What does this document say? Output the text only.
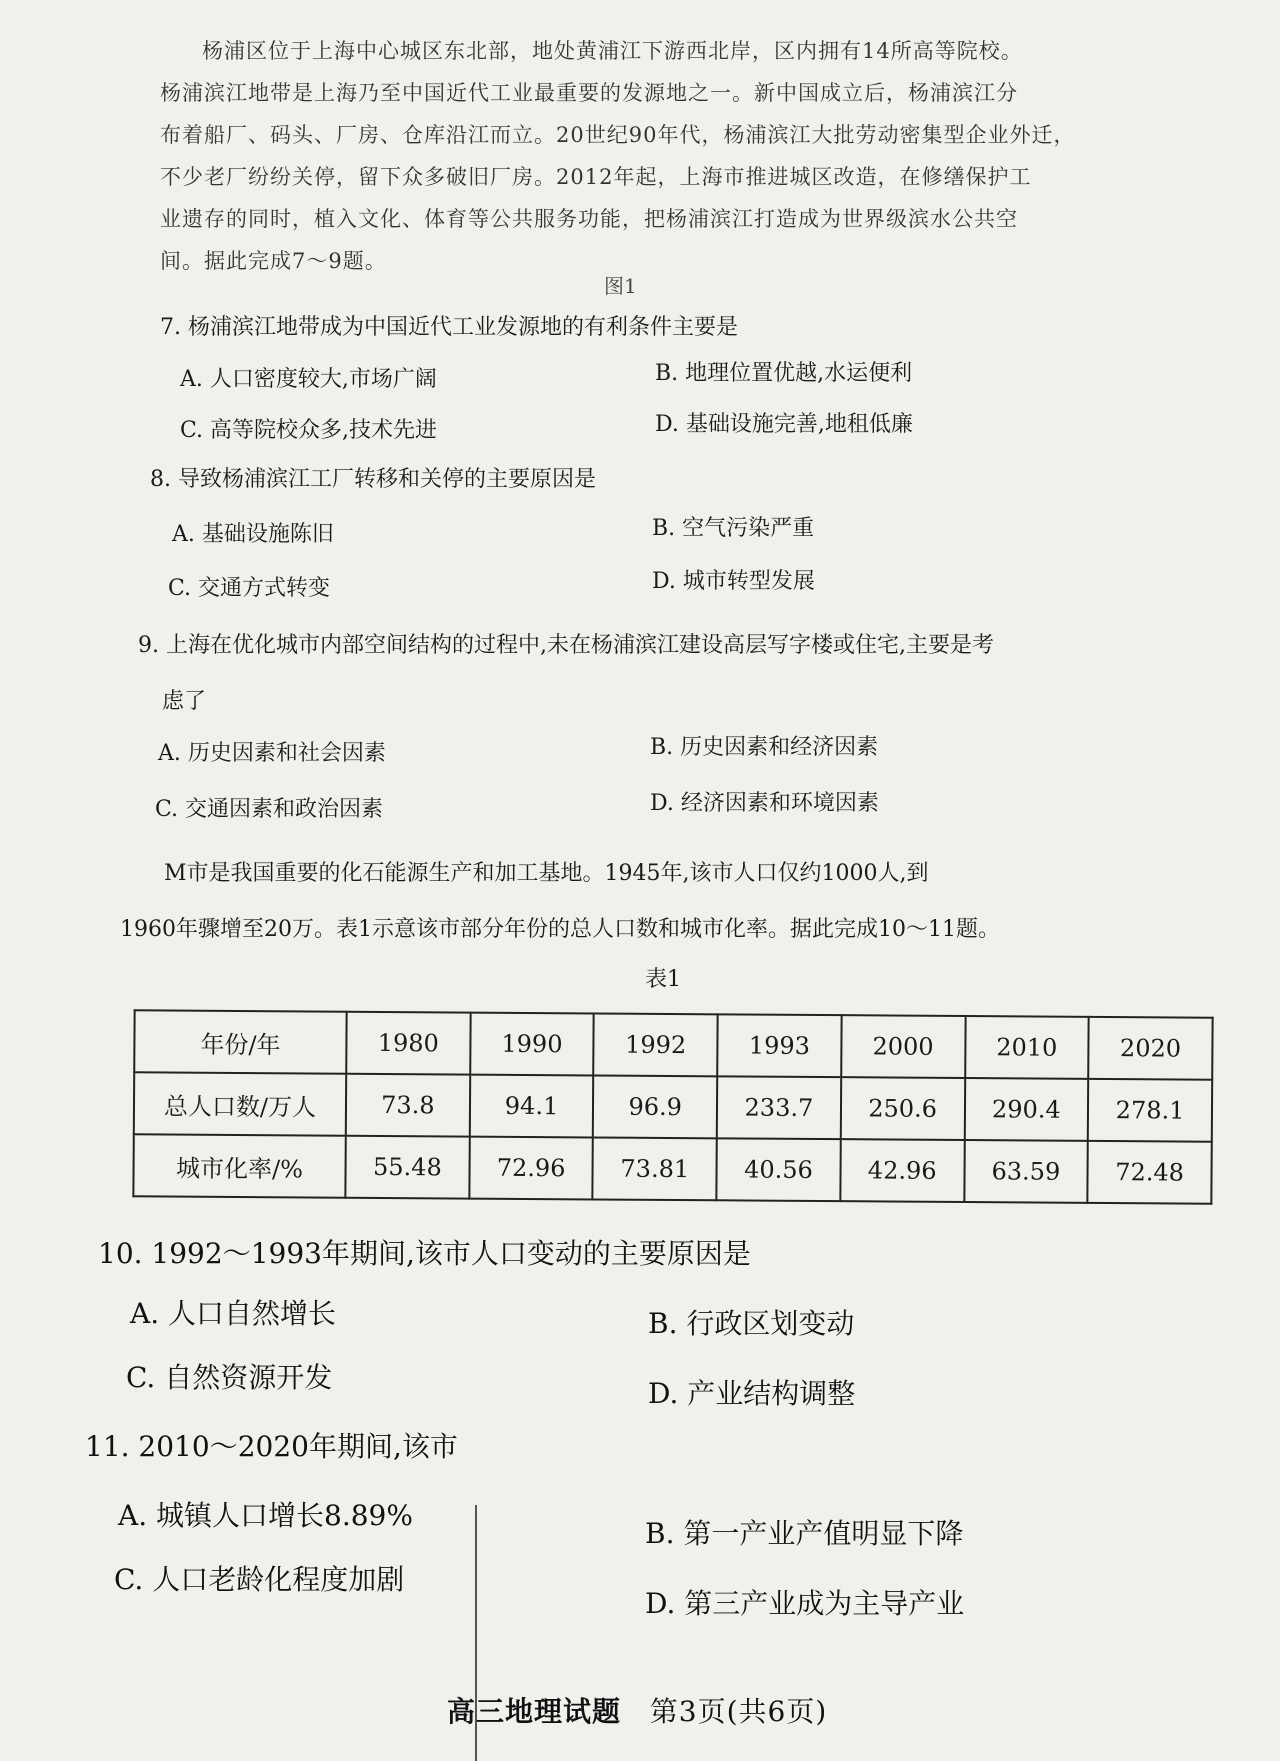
杨浦区位于上海中心城区东北部，地处黄浦江下游西北岸，区内拥有14所高等院校。

杨浦滨江地带是上海乃至中国近代工业最重要的发源地之一。新中国成立后，杨浦滨江分
布着船厂、码头、厂房、仓库沿江而立。20世纪90年代，杨浦滨江大批劳动密集型企业外迁，
不少老厂纷纷关停，留下众多破旧厂房。2012年起，上海市推进城区改造，在修缮保护工
业遗存的同时，植入文化、体育等公共服务功能，把杨浦滨江打造成为世界级滨水公共空
间。据此完成7～9题。
图1
7. 杨浦滨江地带成为中国近代工业发源地的有利条件主要是
A. 人口密度较大,市场广阔	B. 地理位置优越,水运便利
C. 高等院校众多,技术先进	D. 基础设施完善,地租低廉
8. 导致杨浦滨江工厂转移和关停的主要原因是
A. 基础设施陈旧	B. 空气污染严重
C. 交通方式转变	D. 城市转型发展
9. 上海在优化城市内部空间结构的过程中,未在杨浦滨江建设高层写字楼或住宅,主要是考
虑了
A. 历史因素和社会因素	B. 历史因素和经济因素
C. 交通因素和政治因素	D. 经济因素和环境因素

M市是我国重要的化石能源生产和加工基地。1945年,该市人口仅约1000人,到

1960年骤增至20万。表1示意该市部分年份的总人口数和城市化率。据此完成10～11题。
表1
年份/年	1980	1990	1992	1993	2000	2010	2020
总人口数/万人	73.8	94.1	96.9	233.7	250.6	290.4	278.1
城市化率/%	55.48	72.96	73.81	40.56	42.96	63.59	72.48
10. 1992～1993年期间,该市人口变动的主要原因是
A. 人口自然增长	B. 行政区划变动
C. 自然资源开发	D. 产业结构调整
11. 2010～2020年期间,该市
A. 城镇人口增长8.89%
B. 第一产业产值明显下降
C. 人口老龄化程度加剧
D. 第三产业成为主导产业
高三地理试题 第3页(共6页)
